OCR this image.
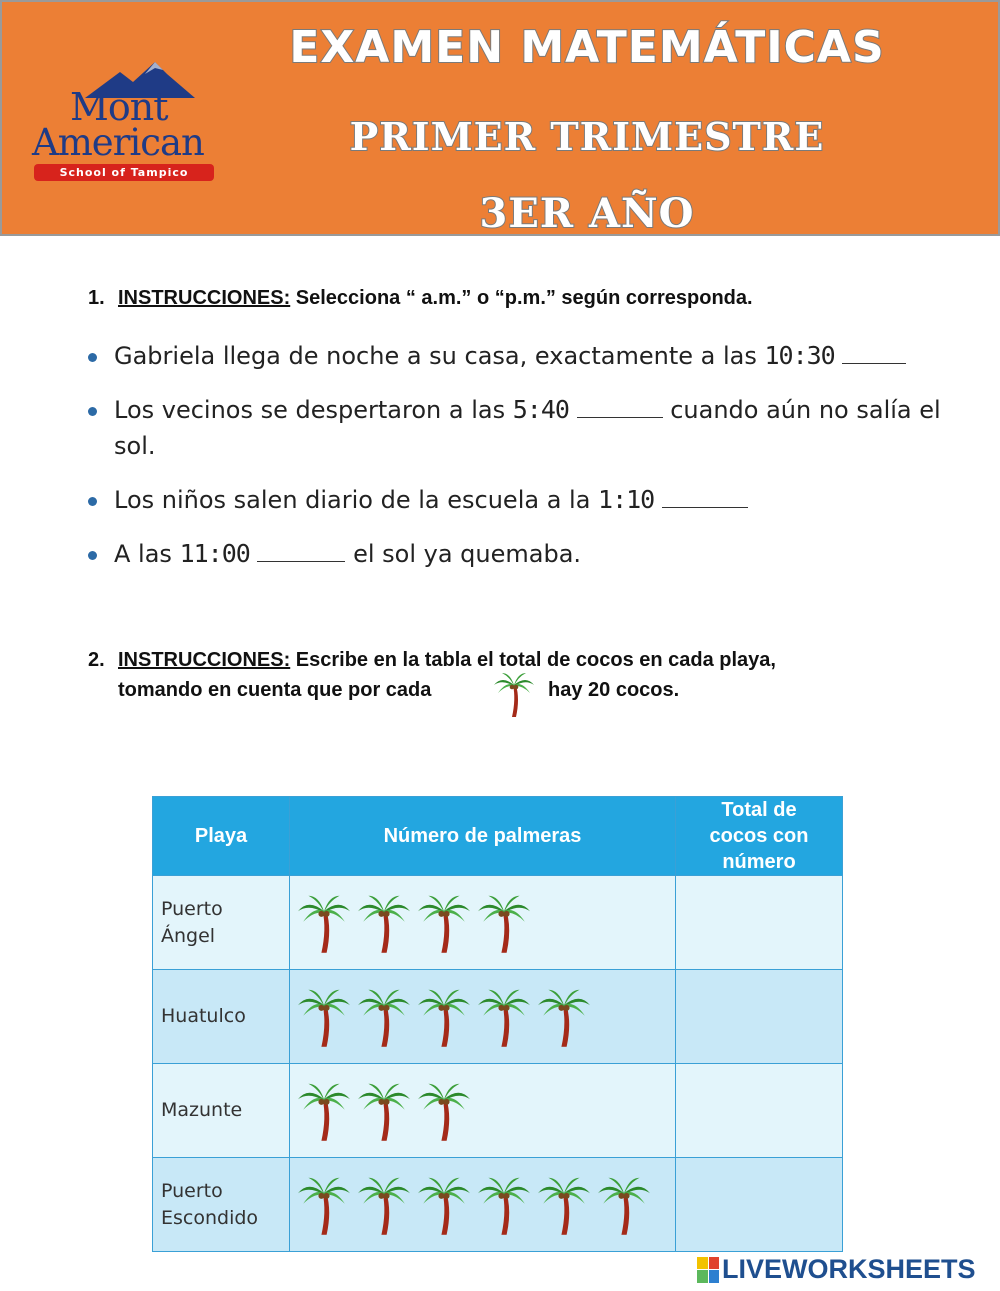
Mont
American
School of Tampico
EXAMEN MATEMÁTICAS
PRIMER TRIMESTRE
3ER AÑO
1. INSTRUCCIONES: Selecciona “ a.m.” o “p.m.” según corresponda.
Gabriela llega de noche a su casa, exactamente a las 10:30
Los vecinos se despertaron a las 5:40	cuando aún no salía el sol.
Los niños salen diario de la escuela a la 1:10
A las 11:00	el sol ya quemaba.
2. INSTRUCCIONES: Escribe en la tabla el total de cocos en cada playa,
tomando en cuenta que por cada	hay 20 cocos.
Playa	Número de palmeras	Total de cocos con número

Puerto Ángel

Huatulco

Mazunte

Puerto Escondido

LIVEWORKSHEETS
